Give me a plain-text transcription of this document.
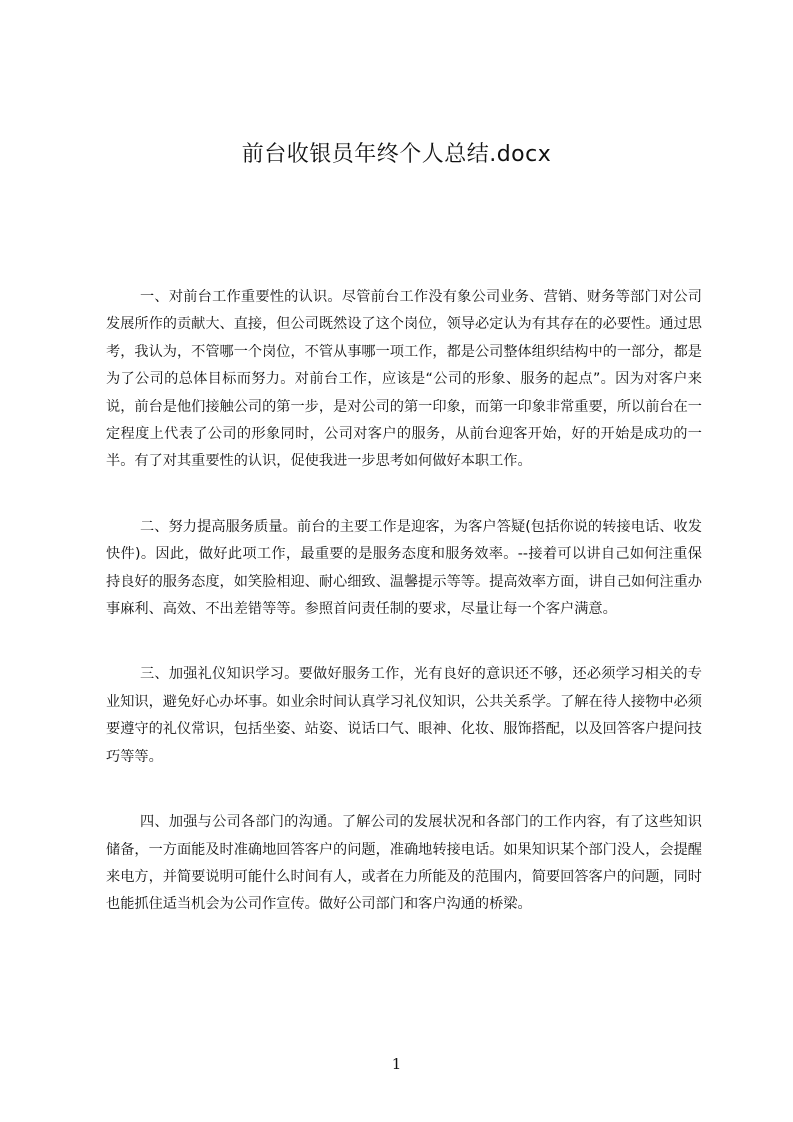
前台收银员年终个人总结.docx

一、对前台工作重要性的认识。尽管前台工作没有象公司业务、营销、财务等部门对公司发展所作的贡献大、直接，但公司既然设了这个岗位，领导必定认为有其存在的必要性。通过思考，我认为，不管哪一个岗位，不管从事哪一项工作，都是公司整体组织结构中的一部分，都是为了公司的总体目标而努力。对前台工作，应该是“公司的形象、服务的起点”。因为对客户来说，前台是他们接触公司的第一步，是对公司的第一印象，而第一印象非常重要，所以前台在一定程度上代表了公司的形象同时，公司对客户的服务，从前台迎客开始，好的开始是成功的一半。有了对其重要性的认识，促使我进一步思考如何做好本职工作。

二、努力提高服务质量。前台的主要工作是迎客，为客户答疑(包括你说的转接电话、收发快件)。因此，做好此项工作，最重要的是服务态度和服务效率。--接着可以讲自己如何注重保持良好的服务态度，如笑脸相迎、耐心细致、温馨提示等等。提高效率方面，讲自己如何注重办事麻利、高效、不出差错等等。参照首问责任制的要求，尽量让每一个客户满意。

三、加强礼仪知识学习。要做好服务工作，光有良好的意识还不够，还必须学习相关的专业知识，避免好心办坏事。如业余时间认真学习礼仪知识，公共关系学。了解在待人接物中必须要遵守的礼仪常识，包括坐姿、站姿、说话口气、眼神、化妆、服饰搭配，以及回答客户提问技巧等等。

四、加强与公司各部门的沟通。了解公司的发展状况和各部门的工作内容，有了这些知识储备，一方面能及时准确地回答客户的问题，准确地转接电话。如果知识某个部门没人，会提醒来电方，并简要说明可能什么时间有人，或者在力所能及的范围内，简要回答客户的问题，同时也能抓住适当机会为公司作宣传。做好公司部门和客户沟通的桥梁。

1
